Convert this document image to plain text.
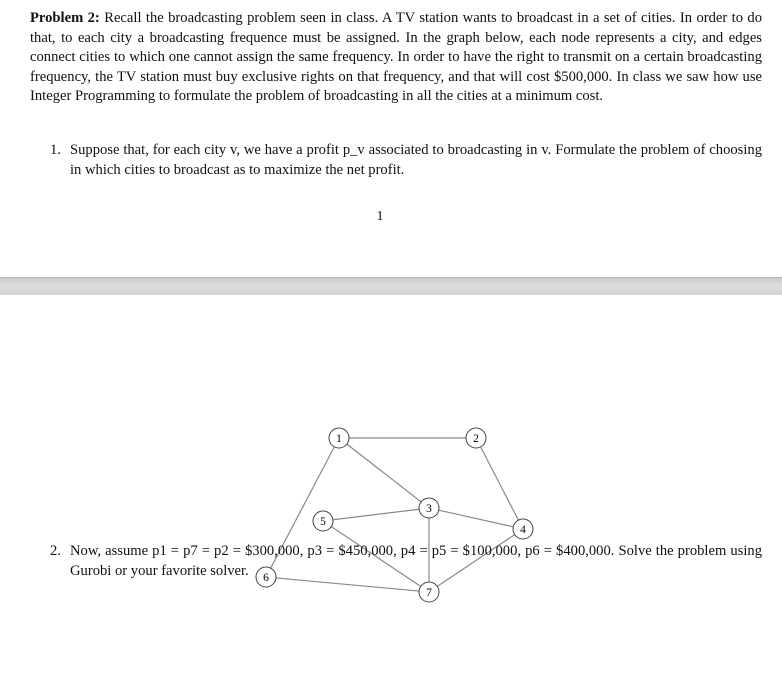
Problem 2: Recall the broadcasting problem seen in class. A TV station wants to broadcast in a set of cities. In order to do that, to each city a broadcasting frequence must be assigned. In the graph below, each node represents a city, and edges connect cities to which one cannot assign the same frequency. In order to have the right to transmit on a certain broadcasting frequency, the TV station must buy exclusive rights on that frequency, and that will cost $500,000. In class we saw how use Integer Programming to formulate the problem of broadcasting in all the cities at a minimum cost.
1. Suppose that, for each city v, we have a profit p_v associated to broadcasting in v. Formulate the problem of choosing in which cities to broadcast as to maximize the net profit.
1
1	2
3
4
5
6
7
2. Now, assume p1 = p7 = p2 = $300,000, p3 = $450,000, p4 = p5 = $100,000, p6 = $400,000. Solve the problem using Gurobi or your favorite solver.
